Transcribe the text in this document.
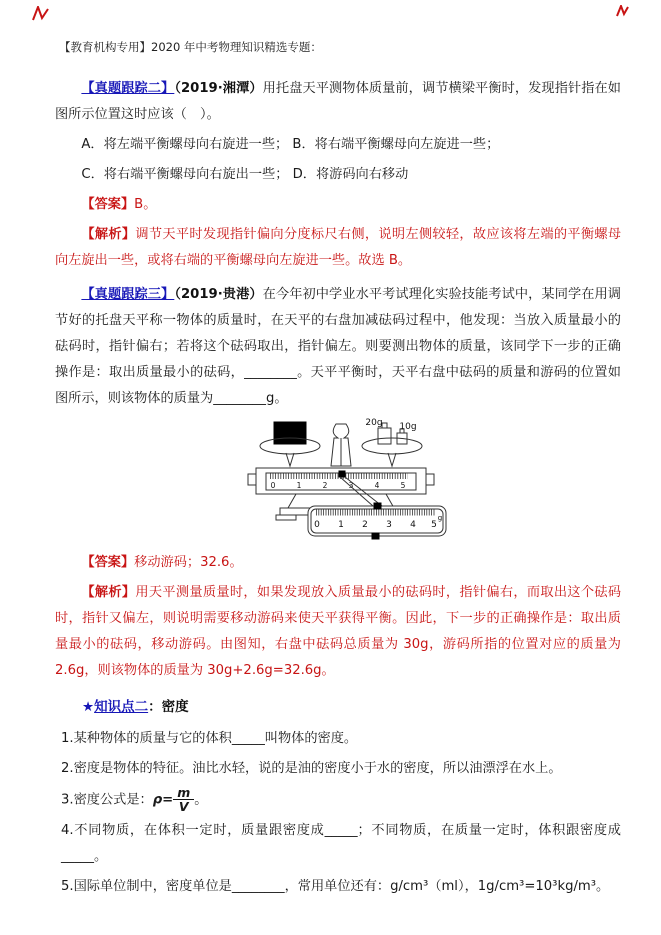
【教育机构专用】2020 年中考物理知识精选专题：

【真题跟踪二】（2019·湘潭）用托盘天平测物体质量前，调节横梁平衡时，发现指针指在如图所示位置这时应该（　）。

A．将左端平衡螺母向右旋进一些； B．将右端平衡螺母向左旋进一些；

C．将右端平衡螺母向右旋出一些； D．将游码向右移动

【答案】B。

【解析】调节天平时发现指针偏向分度标尺右侧，说明左侧较轻，故应该将左端的平衡螺母向左旋出一些，或将右端的平衡螺母向左旋进一些。故选 B。

【真题跟踪三】（2019·贵港）在今年初中学业水平考试理化实验技能考试中，某同学在用调节好的托盘天平称一物体的质量时，在天平的右盘加减砝码过程中，他发现：当放入质量最小的砝码时，指针偏右；若将这个砝码取出，指针偏左。则要测出物体的质量，该同学下一步的正确操作是：取出质量最小的砝码，________。天平平衡时，天平右盘中砝码的质量和游码的位置如图所示，则该物体的质量为________g。

20g 10g
0	1	2	3	4	5
0 1 2 3 4 5
g

【答案】移动游码；32.6。

【解析】用天平测量质量时，如果发现放入质量最小的砝码时，指针偏右，而取出这个砝码时，指针又偏左，则说明需要移动游码来使天平获得平衡。因此，下一步的正确操作是：取出质量最小的砝码，移动游码。由图知，右盘中砝码总质量为 30g，游码所指的位置对应的质量为 2.6g，则该物体的质量为 30g+2.6g=32.6g。

★知识点二：密度

1.某种物体的质量与它的体积_____叫物体的密度。

2.密度是物体的特征。油比水轻，说的是油的密度小于水的密度，所以油漂浮在水上。

3.密度公式是：$\rho= \frac{m}{V}$ 。

4.不同物质，在体积一定时，质量跟密度成_____；不同物质，在质量一定时，体积跟密度成_____。

5.国际单位制中，密度单位是________，常用单位还有：g/cm³（ml），1g/cm³=10³kg/m³。
